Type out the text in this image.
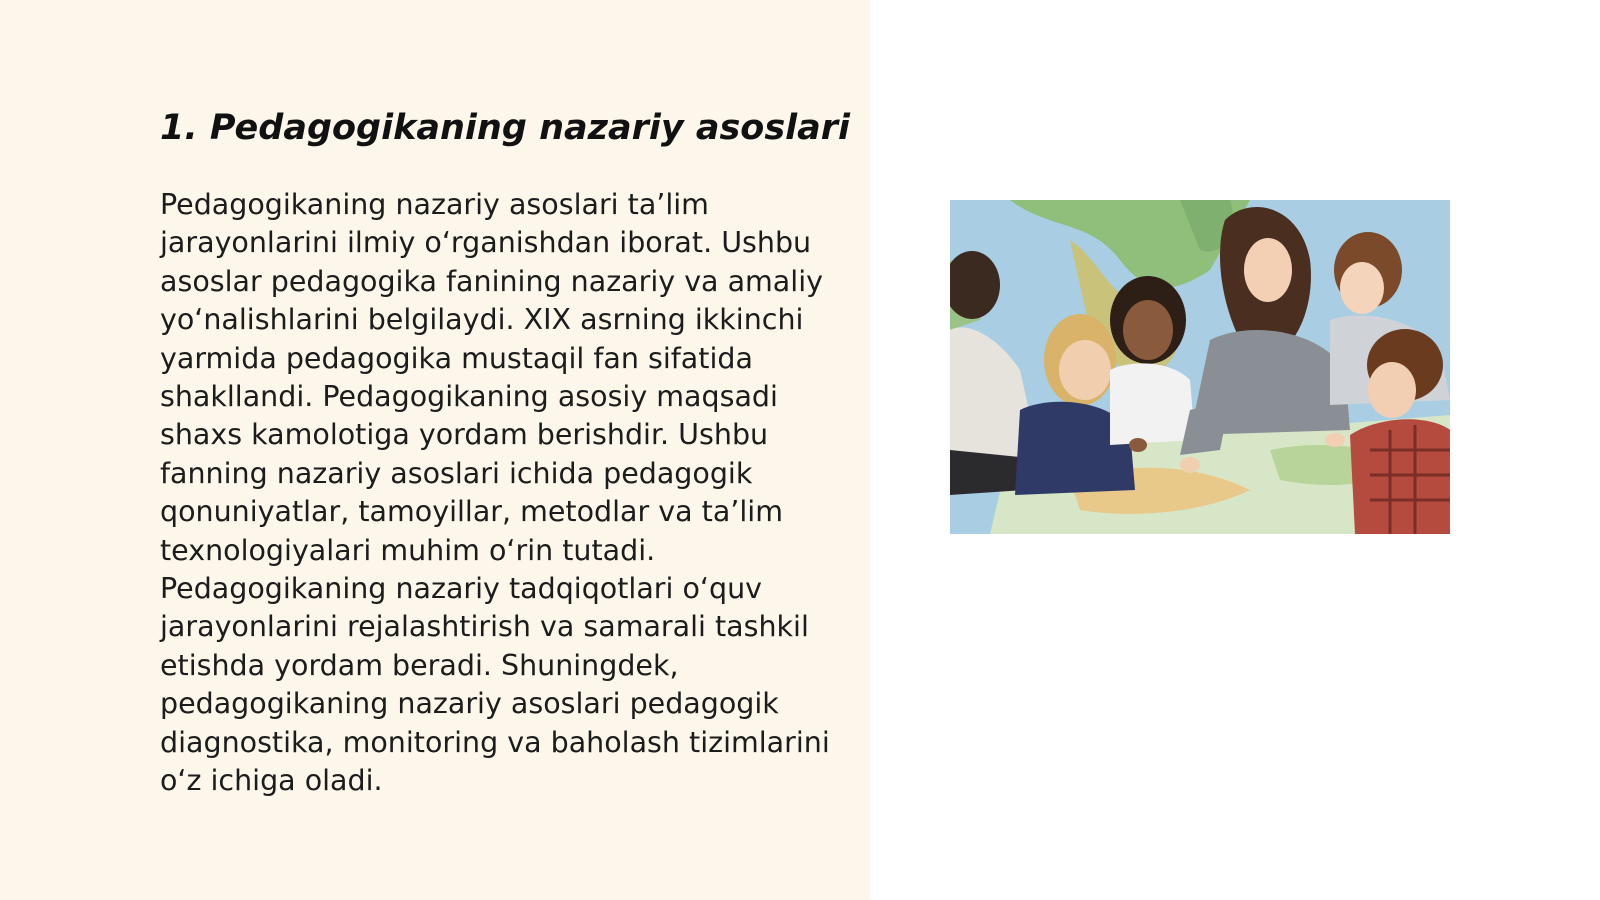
1. Pedagogikaning nazariy asoslari

Pedagogikaning nazariy asoslari ta’lim jarayonlarini ilmiy o‘rganishdan iborat. Ushbu asoslar pedagogika fanining nazariy va amaliy yo‘nalishlarini belgilaydi. XIX asrning ikkinchi yarmida pedagogika mustaqil fan sifatida shakllandi. Pedagogikaning asosiy maqsadi shaxs kamolotiga yordam berishdir. Ushbu fanning nazariy asoslari ichida pedagogik qonuniyatlar, tamoyillar, metodlar va ta’lim texnologiyalari muhim o‘rin tutadi. Pedagogikaning nazariy tadqiqotlari o‘quv jarayonlarini rejalashtirish va samarali tashkil etishda yordam beradi. Shuningdek, pedagogikaning nazariy asoslari pedagogik diagnostika, monitoring va baholash tizimlarini o‘z ichiga oladi.
